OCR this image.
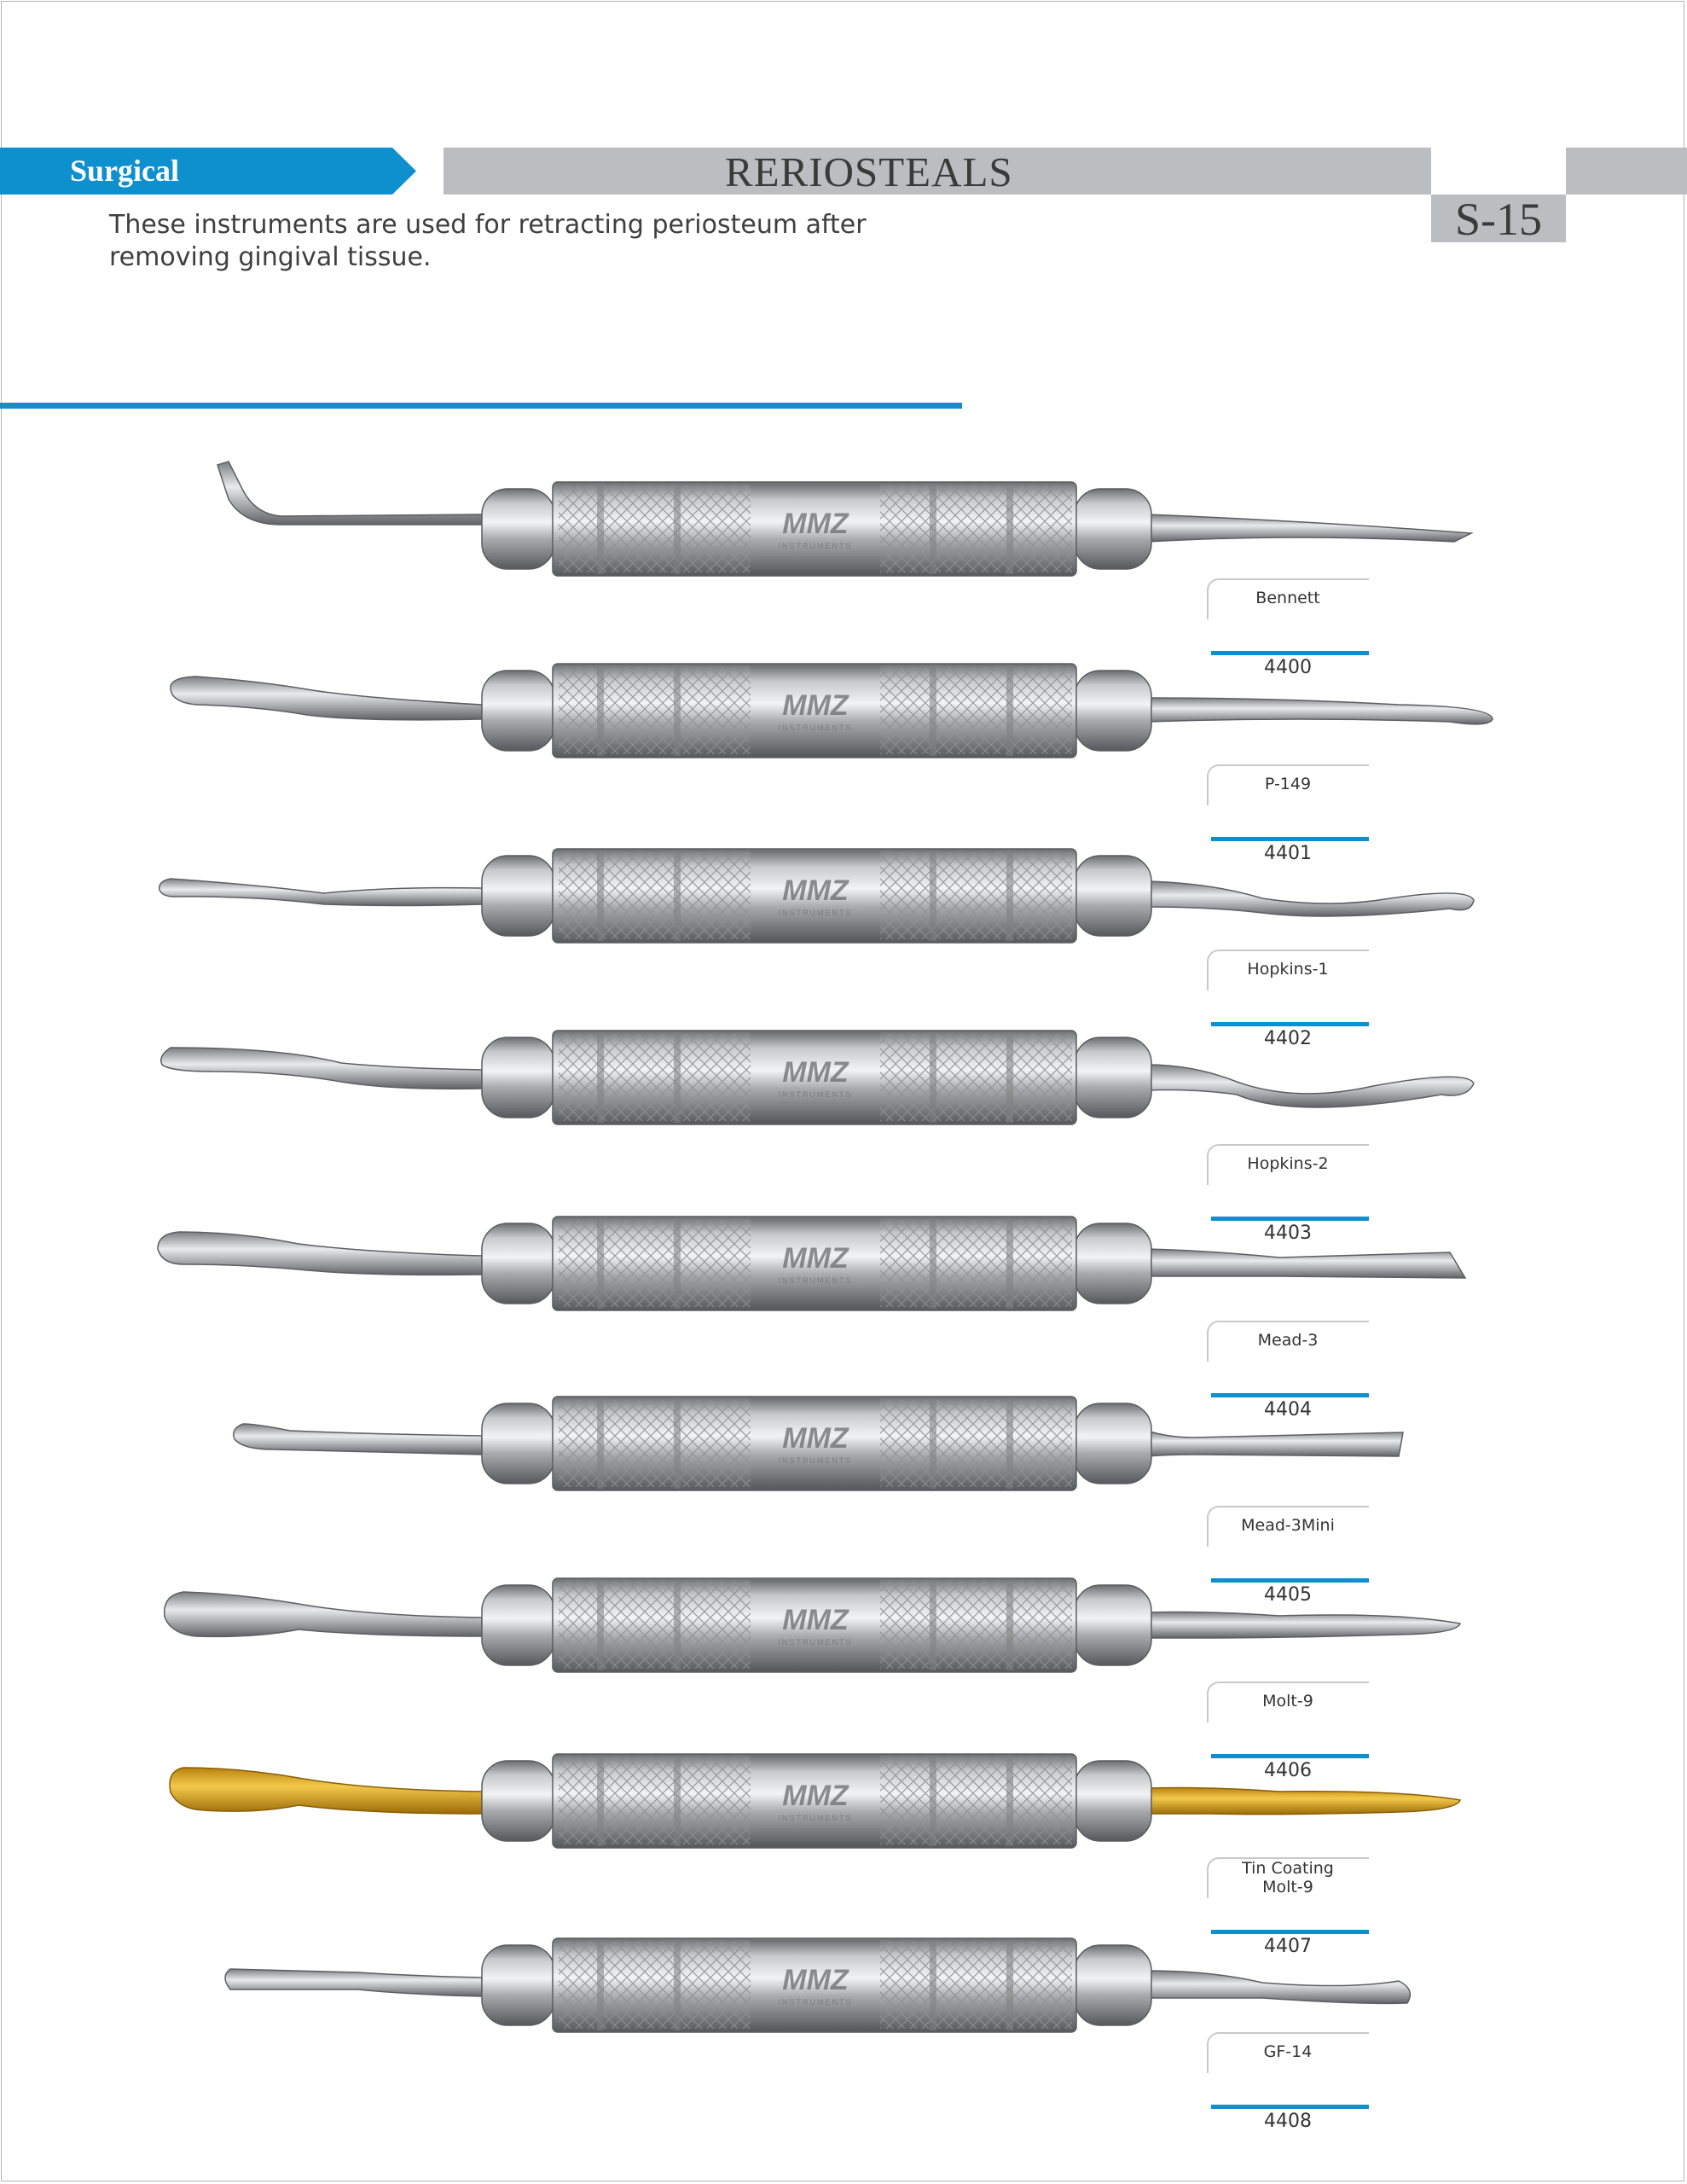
Surgical	RERIOSTEALS
S-15
These instruments are used for retracting periosteum after
removing gingival tissue.
MMZ
INSTRUMENTS
Bennett
4400
MMZ
INSTRUMENTS
P-149
4401
MMZ
INSTRUMENTS
Hopkins-1
4402
MMZ
INSTRUMENTS
Hopkins-2
4403
MMZ
INSTRUMENTS
Mead-3
4404
MMZ
INSTRUMENTS
Mead-3Mini
4405
MMZ
INSTRUMENTS
Molt-9
4406
MMZ
INSTRUMENTS
Tin Coating Molt-9
4407
MMZ
INSTRUMENTS
GF-14
4408
